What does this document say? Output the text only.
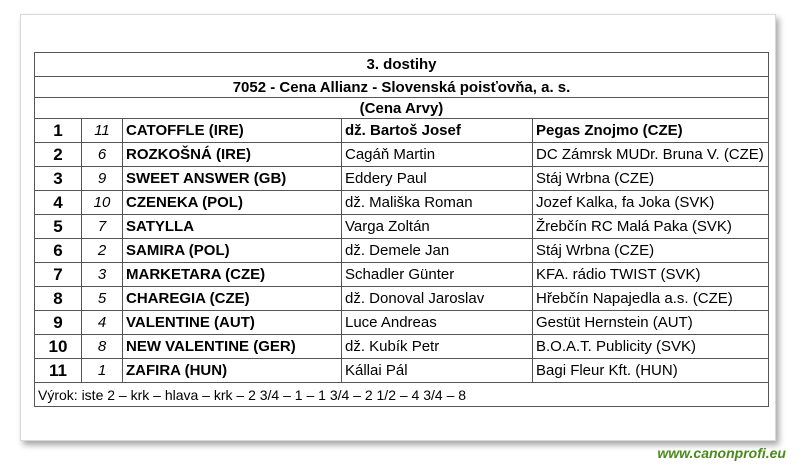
3. dostihy				
7052 - Cena Allianz - Slovenská poisťovňa, a. s.				
(Cena Arvy)				
1	11	CATOFFLE (IRE)	dž. Bartoš Josef	Pegas Znojmo (CZE)
2	6	ROZKOŠNÁ (IRE)	Cagáň Martin	DC Zámrsk MUDr. Bruna V. (CZE)
3	9	SWEET ANSWER (GB)	Eddery Paul	Stáj Wrbna (CZE)
4	10	CZENEKA (POL)	dž. Mališka Roman	Jozef Kalka, fa Joka (SVK)
5	7	SATYLLA	Varga Zoltán	Žrebčín RC Malá Paka (SVK)
6	2	SAMIRA (POL)	dž. Demele Jan	Stáj Wrbna (CZE)
7	3	MARKETARA (CZE)	Schadler Günter	KFA. rádio TWIST (SVK)
8	5	CHAREGIA (CZE)	dž. Donoval Jaroslav	Hřebčín Napajedla a.s. (CZE)
9	4	VALENTINE (AUT)	Luce Andreas	Gestüt Hernstein (AUT)
10	8	NEW VALENTINE (GER)	dž. Kubík Petr	B.O.A.T. Publicity (SVK)
11	1	ZAFIRA (HUN)	Kállai Pál	Bagi Fleur Kft. (HUN)
Výrok: iste 2 – krk – hlava – krk – 2 3/4 – 1 – 1 3/4 – 2 1/2 – 4 3/4 – 8				
www.canonprofi.eu
